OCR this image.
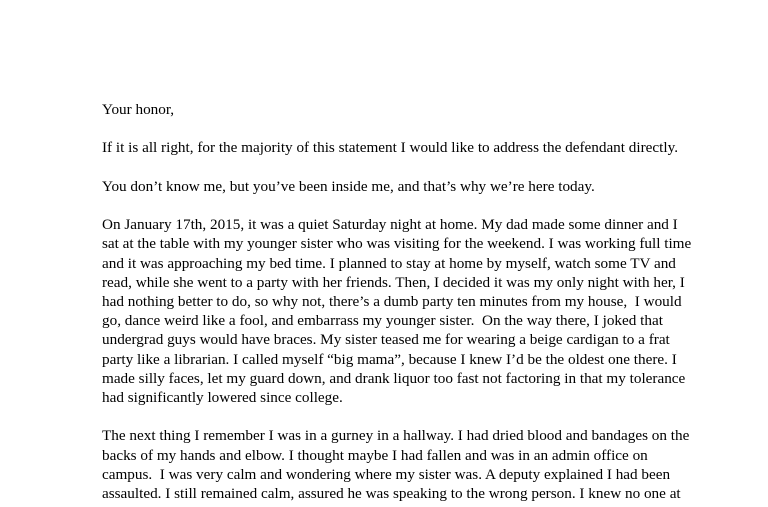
Your honor,

If it is all right, for the majority of this statement I would like to address the defendant directly.

You don’t know me, but you’ve been inside me, and that’s why we’re here today.

On January 17th, 2015, it was a quiet Saturday night at home. My dad made some dinner and I
sat at the table with my younger sister who was visiting for the weekend. I was working full time
and it was approaching my bed time. I planned to stay at home by myself, watch some TV and
read, while she went to a party with her friends. Then, I decided it was my only night with her, I
had nothing better to do, so why not, there’s a dumb party ten minutes from my house,  I would
go, dance weird like a fool, and embarrass my younger sister.  On the way there, I joked that
undergrad guys would have braces. My sister teased me for wearing a beige cardigan to a frat
party like a librarian. I called myself “big mama”, because I knew I’d be the oldest one there. I
made silly faces, let my guard down, and drank liquor too fast not factoring in that my tolerance
had significantly lowered since college.

The next thing I remember I was in a gurney in a hallway. I had dried blood and bandages on the
backs of my hands and elbow. I thought maybe I had fallen and was in an admin office on
campus.  I was very calm and wondering where my sister was. A deputy explained I had been
assaulted. I still remained calm, assured he was speaking to the wrong person. I knew no one at
